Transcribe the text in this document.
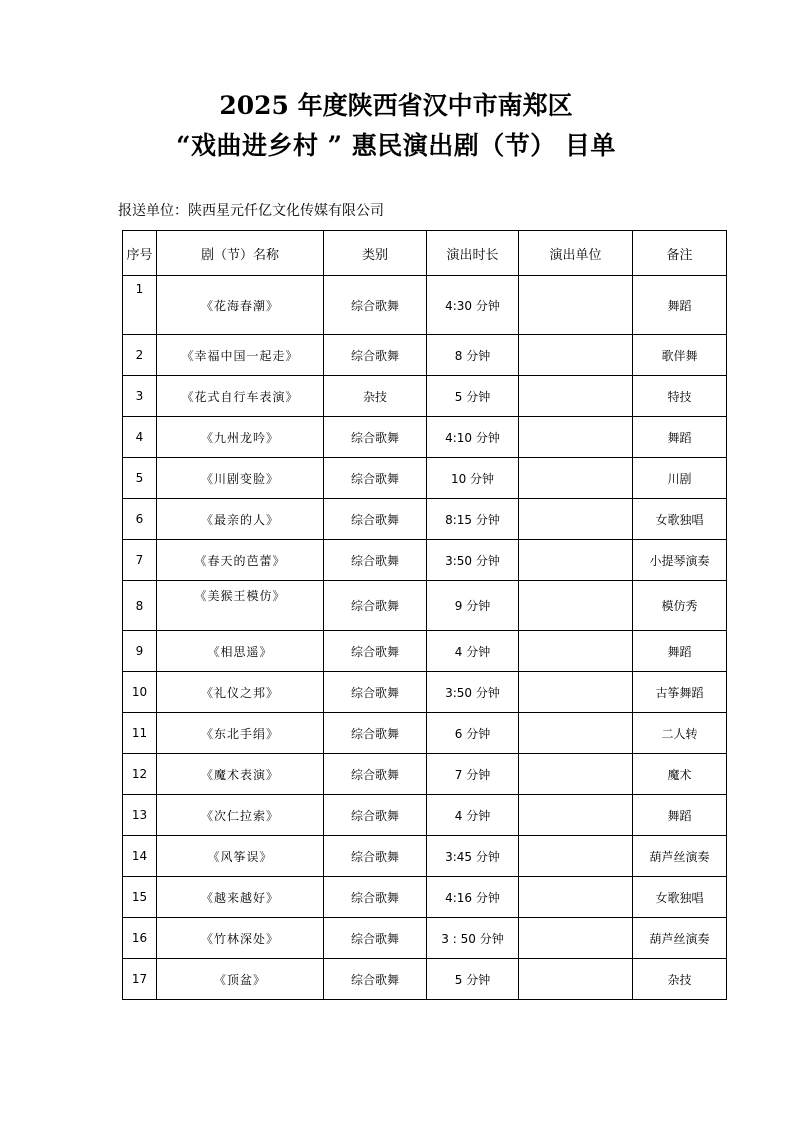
2025 年度陕西省汉中市南郑区
“戏曲进乡村 ” 惠民演出剧（节） 目单
报送单位：陕西星元仟亿文化传媒有限公司
序号	剧（节）名称	类别	演出时长	演出单位	备注
1	《花海春潮》	综合歌舞	4:30 分钟		舞蹈
2	《幸福中国一起走》	综合歌舞	8 分钟		歌伴舞
3	《花式自行车表演》	杂技	5 分钟		特技
4	《九州龙吟》	综合歌舞	4:10 分钟		舞蹈
5	《川剧变脸》	综合歌舞	10 分钟		川剧
6	《最亲的人》	综合歌舞	8:15 分钟		女歌独唱
7	《春天的芭蕾》	综合歌舞	3:50 分钟		小提琴演奏
8	《美猴王模仿》	综合歌舞	9 分钟		模仿秀
9	《相思遥》	综合歌舞	4 分钟		舞蹈
10	《礼仪之邦》	综合歌舞	3:50 分钟		古筝舞蹈
11	《东北手绢》	综合歌舞	6 分钟		二人转
12	《魔术表演》	综合歌舞	7 分钟		魔术
13	《次仁拉索》	综合歌舞	4 分钟		舞蹈
14	《风筝误》	综合歌舞	3:45 分钟		葫芦丝演奏
15	《越来越好》	综合歌舞	4:16 分钟		女歌独唱
16	《竹林深处》	综合歌舞	3 : 50 分钟		葫芦丝演奏
17	《顶盆》	综合歌舞	5 分钟		杂技
